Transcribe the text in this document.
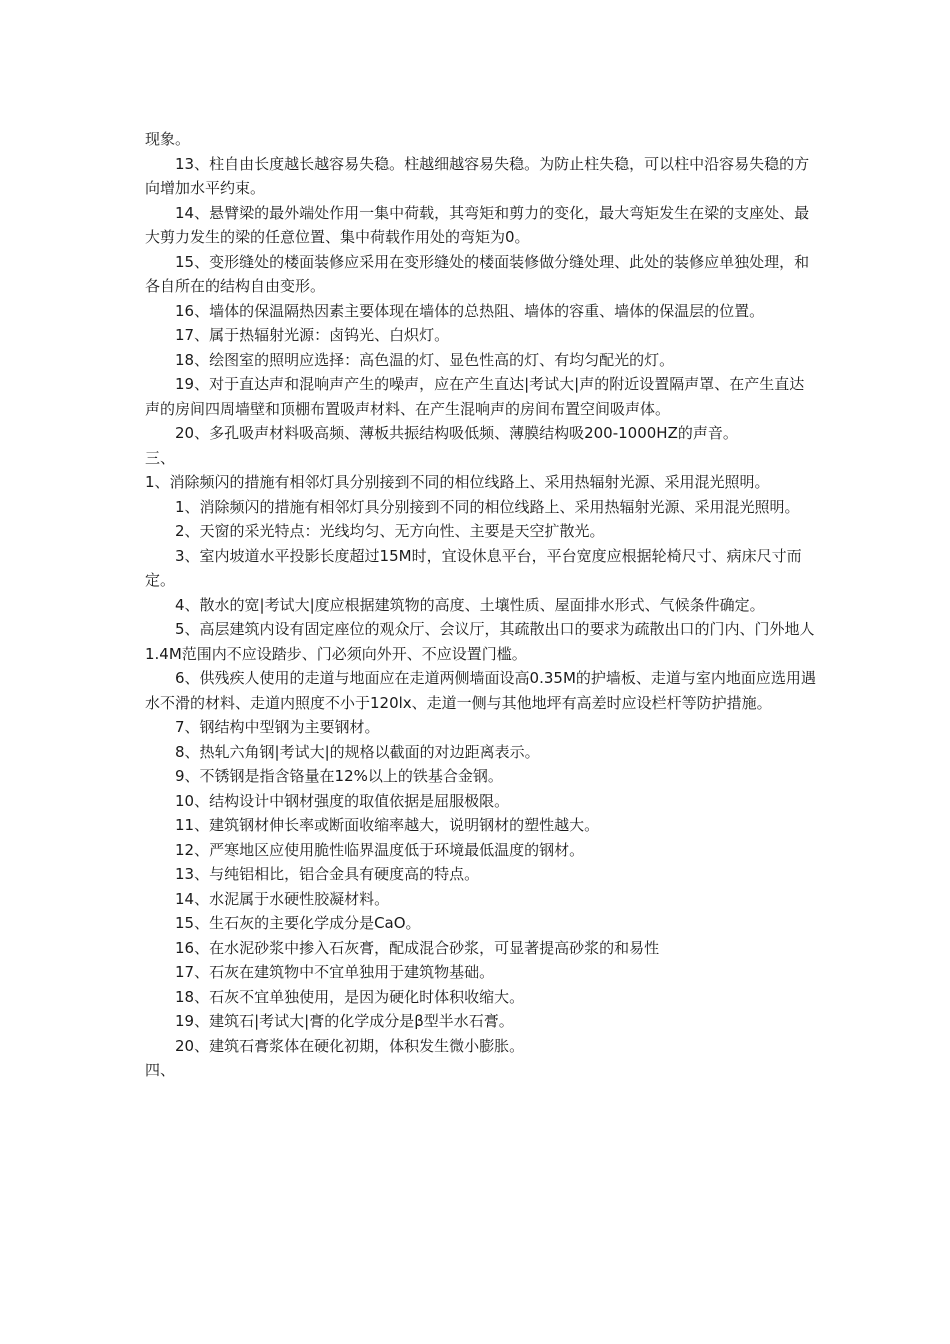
现象。

13、柱自由长度越长越容易失稳。柱越细越容易失稳。为防止柱失稳，可以柱中沿容易失稳的方向增加水平约束。

14、悬臂梁的最外端处作用一集中荷载，其弯矩和剪力的变化，最大弯矩发生在梁的支座处、最大剪力发生的梁的任意位置、集中荷载作用处的弯矩为0。

15、变形缝处的楼面装修应采用在变形缝处的楼面装修做分缝处理、此处的装修应单独处理，和各自所在的结构自由变形。

16、墙体的保温隔热因素主要体现在墙体的总热阻、墙体的容重、墙体的保温层的位置。

17、属于热辐射光源：卤钨光、白炽灯。

18、绘图室的照明应选择：高色温的灯、显色性高的灯、有均匀配光的灯。

19、对于直达声和混响声产生的噪声，应在产生直达|考试大|声的附近设置隔声罩、在产生直达声的房间四周墙壁和顶棚布置吸声材料、在产生混响声的房间布置空间吸声体。

20、多孔吸声材料吸高频、薄板共振结构吸低频、薄膜结构吸200-1000HZ的声音。

三、

1、消除频闪的措施有相邻灯具分别接到不同的相位线路上、采用热辐射光源、采用混光照明。

1、消除频闪的措施有相邻灯具分别接到不同的相位线路上、采用热辐射光源、采用混光照明。

2、天窗的采光特点：光线均匀、无方向性、主要是天空扩散光。

3、室内坡道水平投影长度超过15M时，宜设休息平台，平台宽度应根据轮椅尺寸、病床尺寸而定。

4、散水的宽|考试大|度应根据建筑物的高度、土壤性质、屋面排水形式、气候条件确定。

5、高层建筑内设有固定座位的观众厅、会议厅，其疏散出口的要求为疏散出口的门内、门外地人1.4M范围内不应设踏步、门必须向外开、不应设置门槛。

6、供残疾人使用的走道与地面应在走道两侧墙面设高0.35M的护墙板、走道与室内地面应选用遇水不滑的材料、走道内照度不小于120lx、走道一侧与其他地坪有高差时应设栏杆等防护措施。

7、钢结构中型钢为主要钢材。

8、热轧六角钢|考试大|的规格以截面的对边距离表示。

9、不锈钢是指含铬量在12%以上的铁基合金钢。

10、结构设计中钢材强度的取值依据是屈服极限。

11、建筑钢材伸长率或断面收缩率越大，说明钢材的塑性越大。

12、严寒地区应使用脆性临界温度低于环境最低温度的钢材。

13、与纯铝相比，铝合金具有硬度高的特点。

14、水泥属于水硬性胶凝材料。

15、生石灰的主要化学成分是CaO。

16、在水泥砂浆中掺入石灰膏，配成混合砂浆，可显著提高砂浆的和易性

17、石灰在建筑物中不宜单独用于建筑物基础。

18、石灰不宜单独使用，是因为硬化时体积收缩大。

19、建筑石|考试大|膏的化学成分是β型半水石膏。

20、建筑石膏浆体在硬化初期，体积发生微小膨胀。

四、
